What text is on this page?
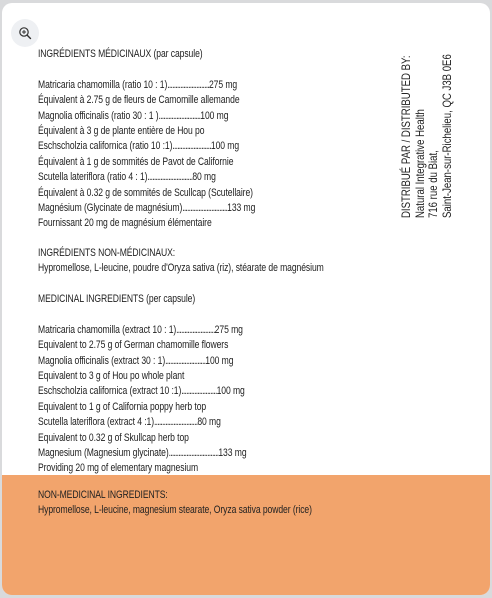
INGRÉDIENTS MÉDICINAUX (par capsule)
Matricaria chamomilla (ratio 10 : 1)..........................275 mg
Équivalent à 2.75 g de fleurs de Camomille allemande
Magnolia officinalis (ratio 30 : 1 )..........................100 mg
Équivalent à 3 g de plante entière de Hou po
Eschscholzia californica (ratio 10 :1)........................100 mg
Équivalent à 1 g de sommités de Pavot de Californie
Scutella lateriflora (ratio 4 : 1)............................80 mg
Équivalent à 0.32 g de sommités de Scullcap (Scutellaire)
Magnésium (Glycinate de magnésium)............................133 mg
Fournissant 20 mg de magnésium élémentaire
INGRÉDIENTS NON-MÉDICINAUX:
Hypromellose, L-leucine, poudre d'Oryza sativa (riz), stéarate de magnésium
MEDICINAL INGREDIENTS (per capsule)
Matricaria chamomilla (extract 10 : 1)........................275 mg
Equivalent to 2.75 g of German chamomille flowers
Magnolia officinalis (extract 30 : 1).........................100 mg
Equivalent to 3 g of Hou po whole plant
Eschscholzia californica (extract 10 :1)......................100 mg
Equivalent to 1 g of California poppy herb top
Scutella lateriflora (extract 4 :1)...........................80 mg
Equivalent to 0.32 g of Skullcap herb top
Magnesium (Magnesium glycinate)...............................133 mg
Providing 20 mg of elementary magnesium
DISTRIBUÉ PAR / DISTRIBUTED BY: Natural Integrative Health 716 rue du Biat, Saint-Jean-sur-Richelieu, QC J3B 0E6
NON-MEDICINAL INGREDIENTS:
Hypromellose, L-leucine, magnesium stearate, Oryza sativa powder (rice)
